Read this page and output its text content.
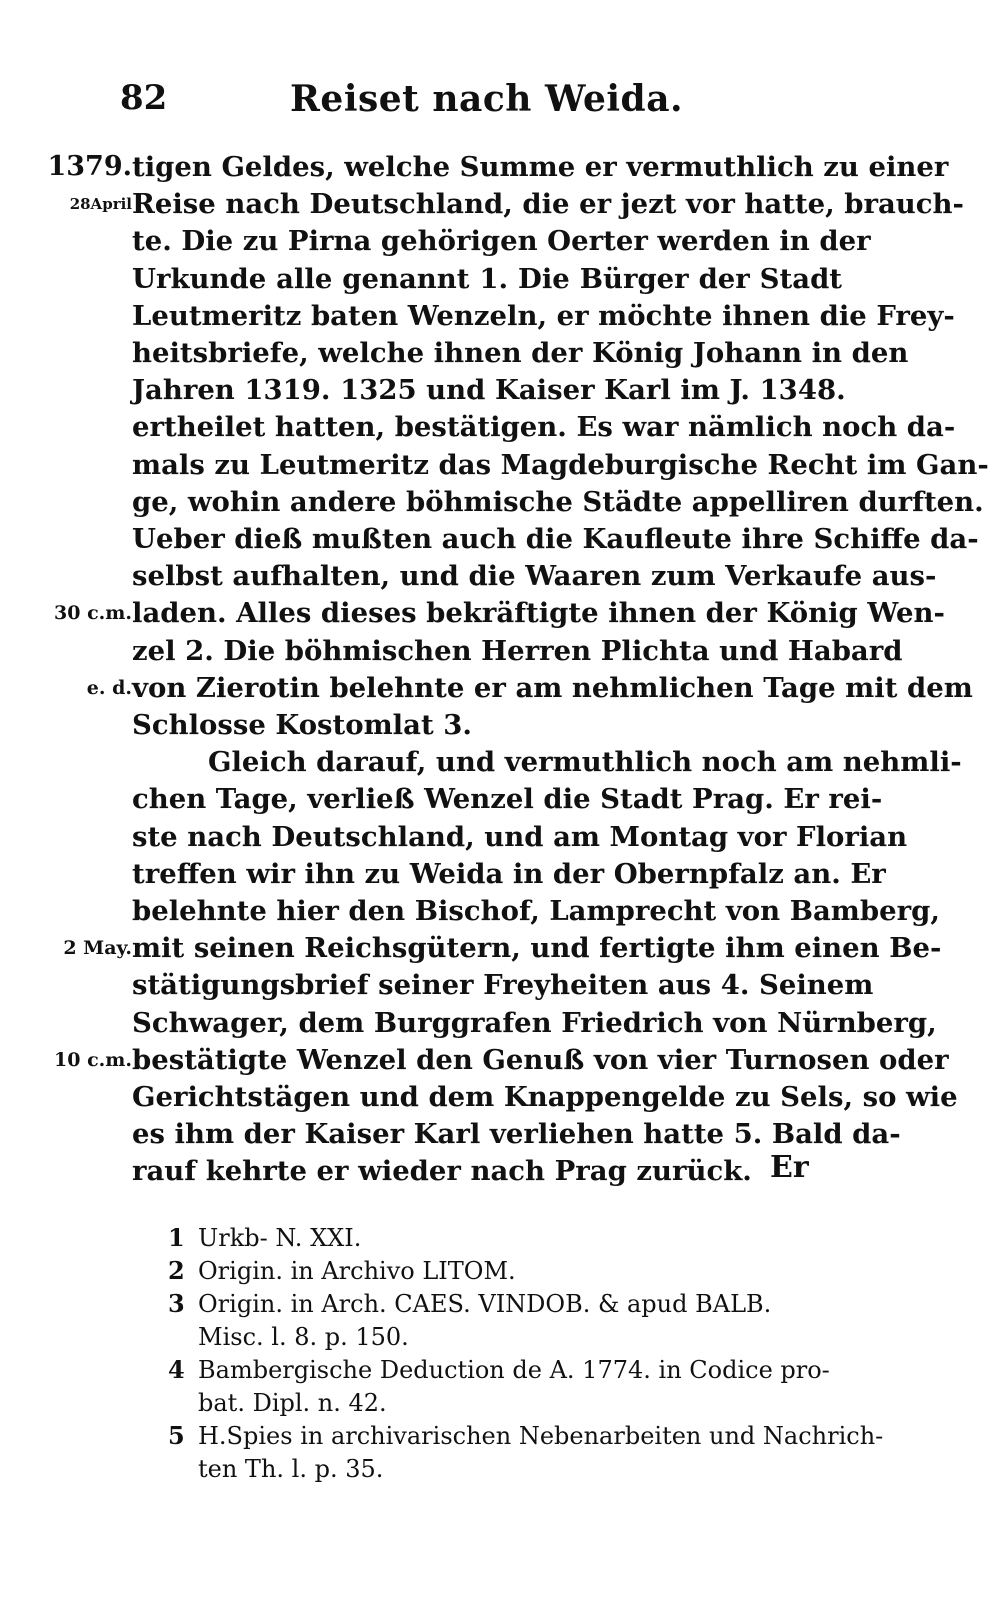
82	Reiset nach Weida.
tigen Geldes, welche Summe er vermuthlich zu einer
Reise nach Deutschland, die er jezt vor hatte, brauch-
te. Die zu Pirna gehörigen Oerter werden in der
Urkunde alle genannt 1. Die Bürger der Stadt
Leutmeritz baten Wenzeln, er möchte ihnen die Frey-
heitsbriefe, welche ihnen der König Johann in den
Jahren 1319. 1325 und Kaiser Karl im J. 1348.
ertheilet hatten, bestätigen. Es war nämlich noch da-
mals zu Leutmeritz das Magdeburgische Recht im Gan-
ge, wohin andere böhmische Städte appelliren durften.
Ueber dieß mußten auch die Kaufleute ihre Schiffe da-
selbst aufhalten, und die Waaren zum Verkaufe aus-
laden. Alles dieses bekräftigte ihnen der König Wen-
zel 2. Die böhmischen Herren Plichta und Habard
von Zierotin belehnte er am nehmlichen Tage mit dem
Schlosse Kostomlat 3.
Gleich darauf, und vermuthlich noch am nehmli-
chen Tage, verließ Wenzel die Stadt Prag. Er rei-
ste nach Deutschland, und am Montag vor Florian
treffen wir ihn zu Weida in der Obernpfalz an. Er
belehnte hier den Bischof, Lamprecht von Bamberg,
mit seinen Reichsgütern, und fertigte ihm einen Be-
stätigungsbrief seiner Freyheiten aus 4. Seinem
Schwager, dem Burggrafen Friedrich von Nürnberg,
bestätigte Wenzel den Genuß von vier Turnosen oder
Gerichtstägen und dem Knappengelde zu Sels, so wie
es ihm der Kaiser Karl verliehen hatte 5. Bald da-
rauf kehrte er wieder nach Prag zurück.
1379.
28April
30 c.m.
e. d.
2 May.
10 c.m.
Er
1 Urkb- N. XXI.
2 Origin. in Archivo LITOM.
3 Origin. in Arch. CAES. VINDOB. & apud BALB.
Misc. l. 8. p. 150.
4 Bambergische Deduction de A. 1774. in Codice pro-
bat. Dipl. n. 42.
5 H.Spies in archivarischen Nebenarbeiten und Nachrich-
ten Th. l. p. 35.
